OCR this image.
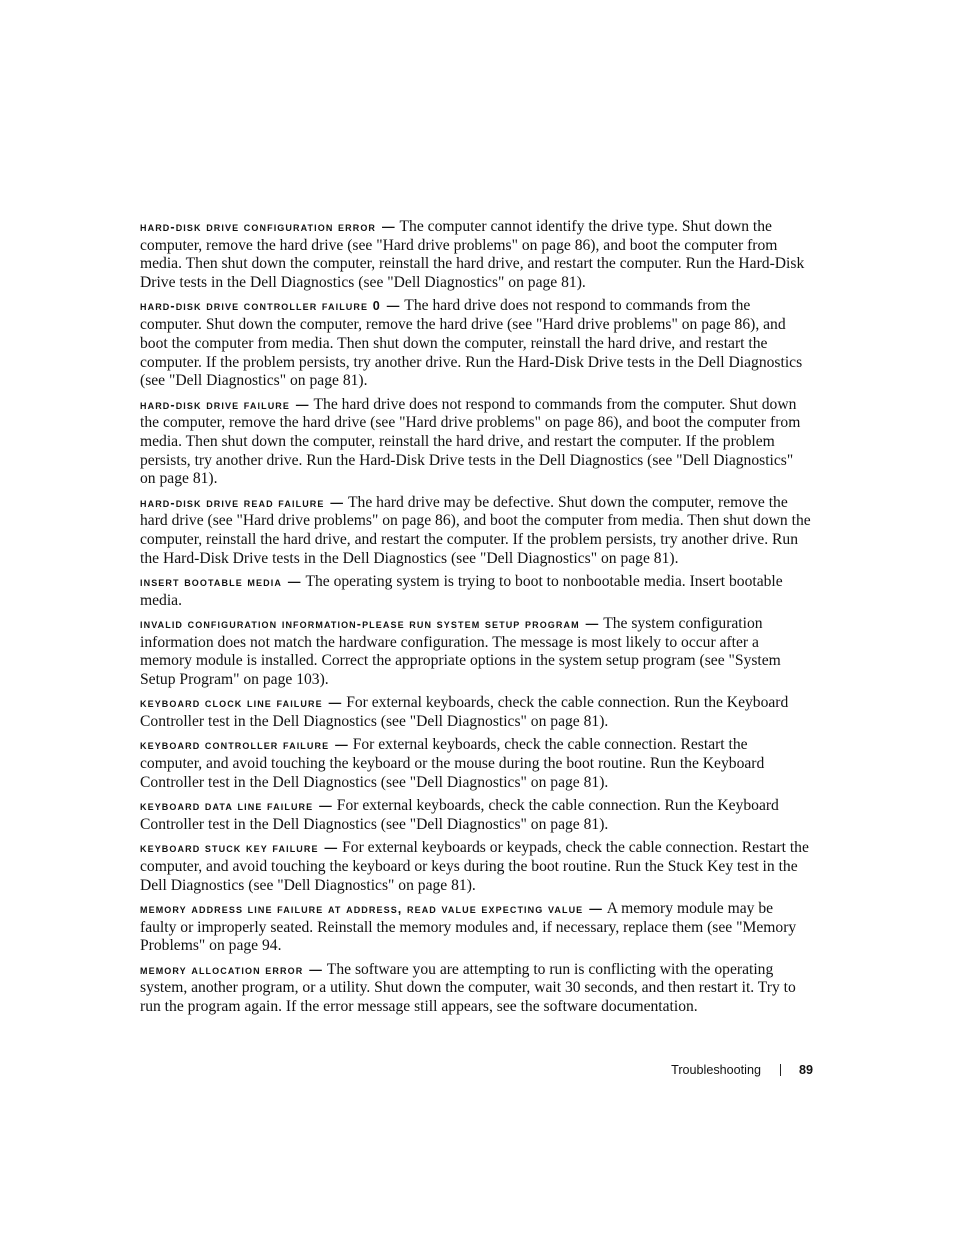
hard-disk drive configuration error — The computer cannot identify the drive type. Shut down the computer, remove the hard drive (see "Hard drive problems" on page 86), and boot the computer from media. Then shut down the computer, reinstall the hard drive, and restart the computer. Run the Hard-Disk Drive tests in the Dell Diagnostics (see "Dell Diagnostics" on page 81).

hard-disk drive controller failure 0 — The hard drive does not respond to commands from the computer. Shut down the computer, remove the hard drive (see "Hard drive problems" on page 86), and boot the computer from media. Then shut down the computer, reinstall the hard drive, and restart the computer. If the problem persists, try another drive. Run the Hard-Disk Drive tests in the Dell Diagnostics (see "Dell Diagnostics" on page 81).

hard-disk drive failure — The hard drive does not respond to commands from the computer. Shut down the computer, remove the hard drive (see "Hard drive problems" on page 86), and boot the computer from media. Then shut down the computer, reinstall the hard drive, and restart the computer. If the problem persists, try another drive. Run the Hard-Disk Drive tests in the Dell Diagnostics (see "Dell Diagnostics" on page 81).

hard-disk drive read failure — The hard drive may be defective. Shut down the computer, remove the hard drive (see "Hard drive problems" on page 86), and boot the computer from media. Then shut down the computer, reinstall the hard drive, and restart the computer. If the problem persists, try another drive. Run the Hard-Disk Drive tests in the Dell Diagnostics (see "Dell Diagnostics" on page 81).

insert bootable media — The operating system is trying to boot to nonbootable media. Insert bootable media.

invalid configuration information-please run system setup program — The system configuration information does not match the hardware configuration. The message is most likely to occur after a memory module is installed. Correct the appropriate options in the system setup program (see "System Setup Program" on page 103).

keyboard clock line failure — For external keyboards, check the cable connection. Run the Keyboard Controller test in the Dell Diagnostics (see "Dell Diagnostics" on page 81).

keyboard controller failure — For external keyboards, check the cable connection. Restart the computer, and avoid touching the keyboard or the mouse during the boot routine. Run the Keyboard Controller test in the Dell Diagnostics (see "Dell Diagnostics" on page 81).

keyboard data line failure — For external keyboards, check the cable connection. Run the Keyboard Controller test in the Dell Diagnostics (see "Dell Diagnostics" on page 81).

keyboard stuck key failure — For external keyboards or keypads, check the cable connection. Restart the computer, and avoid touching the keyboard or keys during the boot routine. Run the Stuck Key test in the Dell Diagnostics (see "Dell Diagnostics" on page 81).

memory address line failure at address, read value expecting value — A memory module may be faulty or improperly seated. Reinstall the memory modules and, if necessary, replace them (see "Memory Problems" on page 94.

memory allocation error — The software you are attempting to run is conflicting with the operating system, another program, or a utility. Shut down the computer, wait 30 seconds, and then restart it. Try to run the program again. If the error message still appears, see the software documentation.

Troubleshooting	89
